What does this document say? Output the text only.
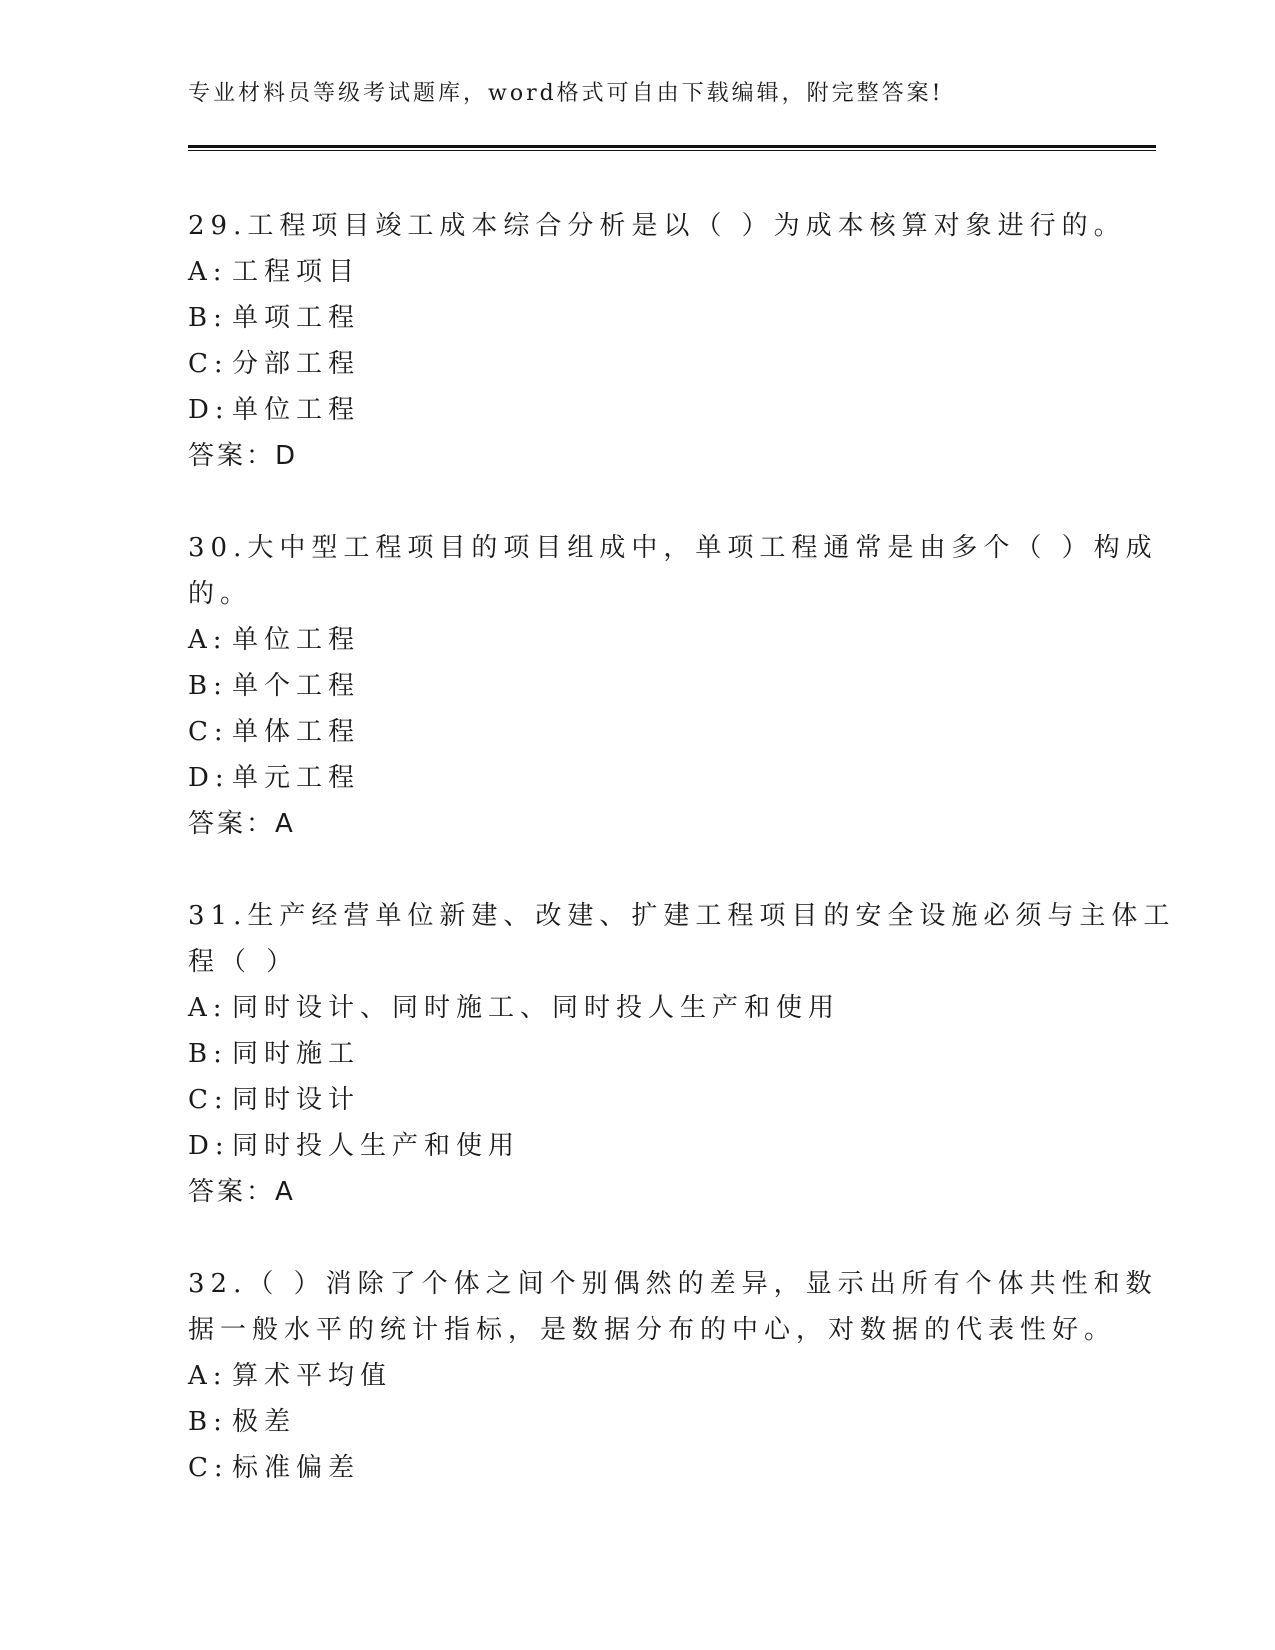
专业材料员等级考试题库，word格式可自由下载编辑，附完整答案!
29.工程项目竣工成本综合分析是以（ ）为成本核算对象进行的。
A: 工程项目
B: 单项工程
C: 分部工程
D:单位工程
答案：D
30.大中型工程项目的项目组成中，单项工程通常是由多个（ ）构成
的。
A: 单位工程
B: 单个工程
C: 单体工程
D:单元工程
答案：A
31.生产经营单位新建、改建、扩建工程项目的安全设施必须与主体工
程（ ）
A: 同时设计、同时施工、同时投人生产和使用
B: 同时施工
C: 同时设计
D:同时投人生产和使用
答案：A
32.（ ）消除了个体之间个别偶然的差异，显示出所有个体共性和数
据一般水平的统计指标，是数据分布的中心，对数据的代表性好。
A: 算术平均值
B: 极差
C: 标准偏差
